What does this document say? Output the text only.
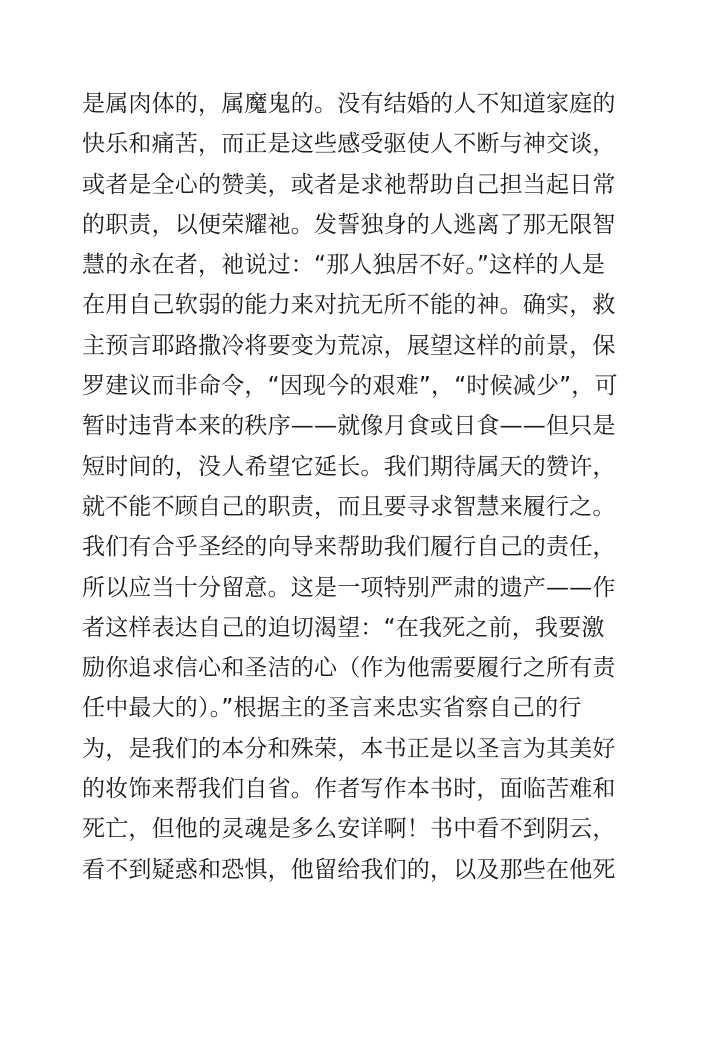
是属肉体的，属魔鬼的。没有结婚的人不知道家庭的
快乐和痛苦，而正是这些感受驱使人不断与神交谈，
或者是全心的赞美，或者是求祂帮助自己担当起日常
的职责，以便荣耀祂。发誓独身的人逃离了那无限智
慧的永在者，祂说过：“那人独居不好。”这样的人是
在用自己软弱的能力来对抗无所不能的神。确实，救
主预言耶路撒冷将要变为荒凉，展望这样的前景，保
罗建议而非命令，“因现今的艰难”，“时候减少”，可
暂时违背本来的秩序——就像月食或日食——但只是
短时间的，没人希望它延长。我们期待属天的赞许，
就不能不顾自己的职责，而且要寻求智慧来履行之。
我们有合乎圣经的向导来帮助我们履行自己的责任，
所以应当十分留意。这是一项特别严肃的遗产——作
者这样表达自己的迫切渴望：“在我死之前，我要激
励你追求信心和圣洁的心（作为他需要履行之所有责
任中最大的）。”根据主的圣言来忠实省察自己的行
为，是我们的本分和殊荣，本书正是以圣言为其美好
的妆饰来帮我们自省。作者写作本书时，面临苦难和
死亡，但他的灵魂是多么安详啊！书中看不到阴云，
看不到疑惑和恐惧，他留给我们的，以及那些在他死
